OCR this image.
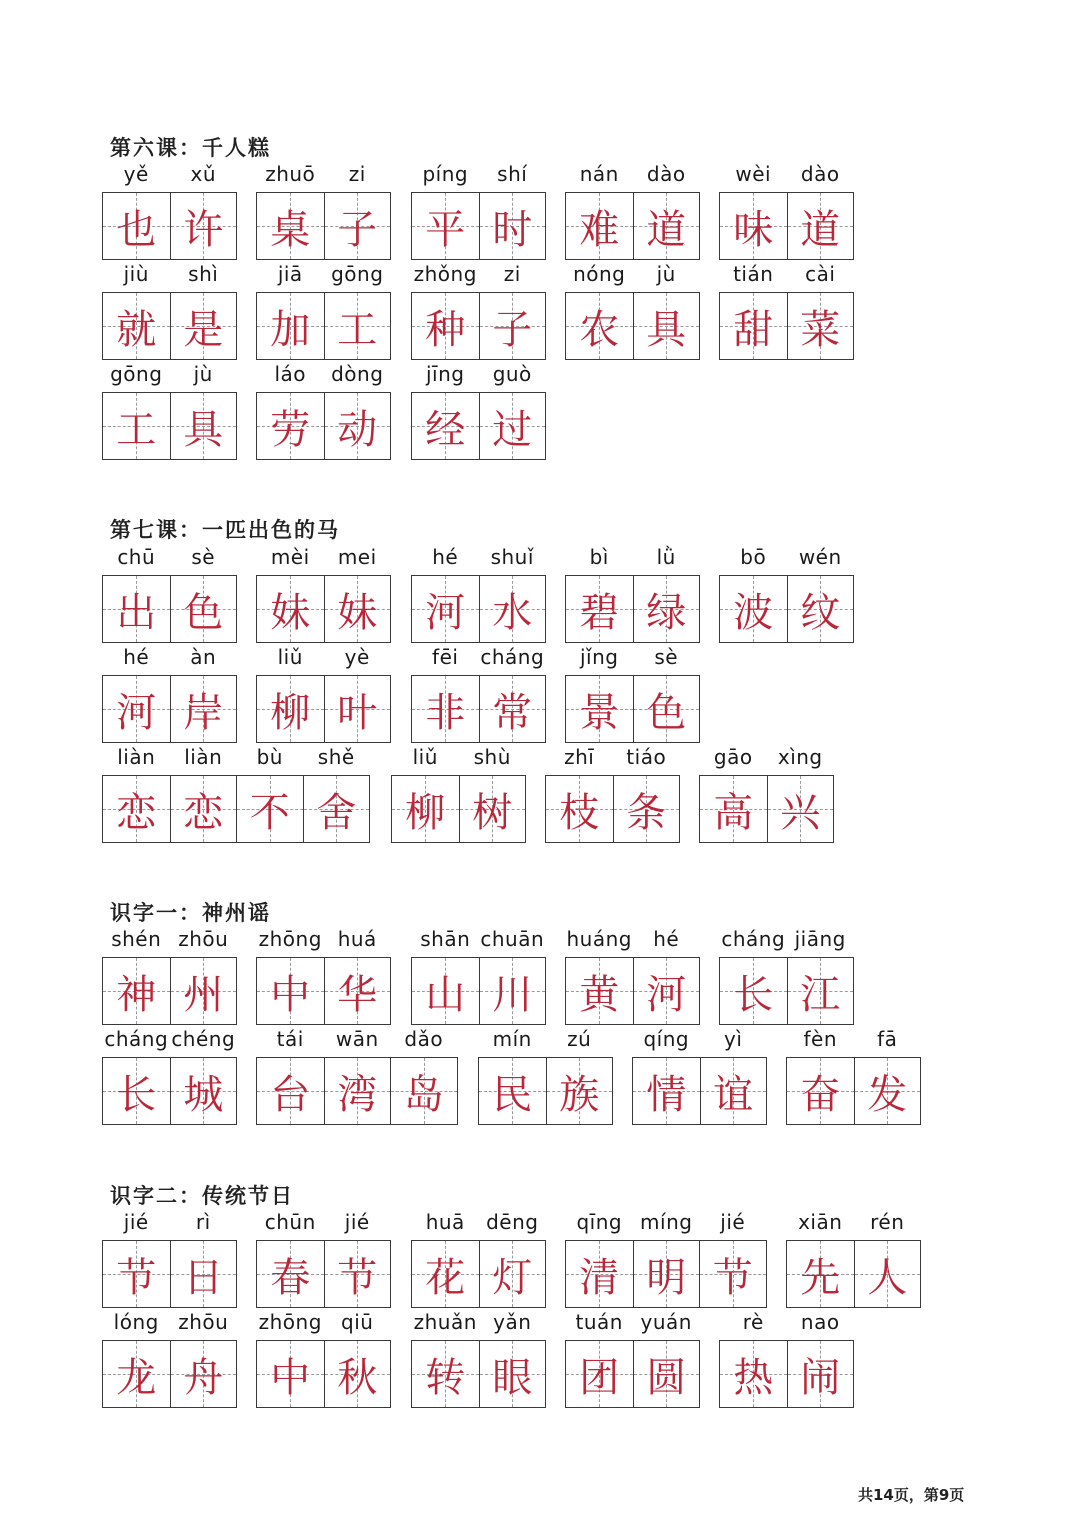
第六课：千人糕
yě
也
xǔ
许
zhuō
桌
zi
子
píng
平
shí
时
nán
难
dào
道
wèi
味
dào
道
jiù
就
shì
是
jiā
加
gōng
工
zhǒng
种
zi
子
nóng
农
jù
具
tián
甜
cài
菜
gōng
工
jù
具
láo
劳
dòng
动
jīng
经
guò
过
第七课：一匹出色的马
chū
出
sè
色
mèi
妹
mei
妹
hé
河
shuǐ
水
bì
碧
lǜ
绿
bō
波
wén
纹
hé
河
àn
岸
liǔ
柳
yè
叶
fēi
非
cháng
常
jǐng
景
sè
色
liàn
恋
liàn
恋
bù
不
shě
舍
liǔ
柳
shù
树
zhī
枝
tiáo
条
gāo
高
xìng
兴
识字一：神州谣
shén
神
zhōu
州
zhōng
中
huá
华
shān
山
chuān
川
huáng
黄
hé
河
cháng
长
jiāng
江
cháng
长
chéng
城
tái
台
wān
湾
dǎo
岛
mín
民
zú
族
qíng
情
yì
谊
fèn
奋
fā
发
识字二：传统节日
jié
节
rì
日
chūn
春
jié
节
huā
花
dēng
灯
qīng
清
míng
明
jié
节
xiān
先
rén
人
lóng
龙
zhōu
舟
zhōng
中
qiū
秋
zhuǎn
转
yǎn
眼
tuán
团
yuán
圆
rè
热
nao
闹
共14页，第9页
